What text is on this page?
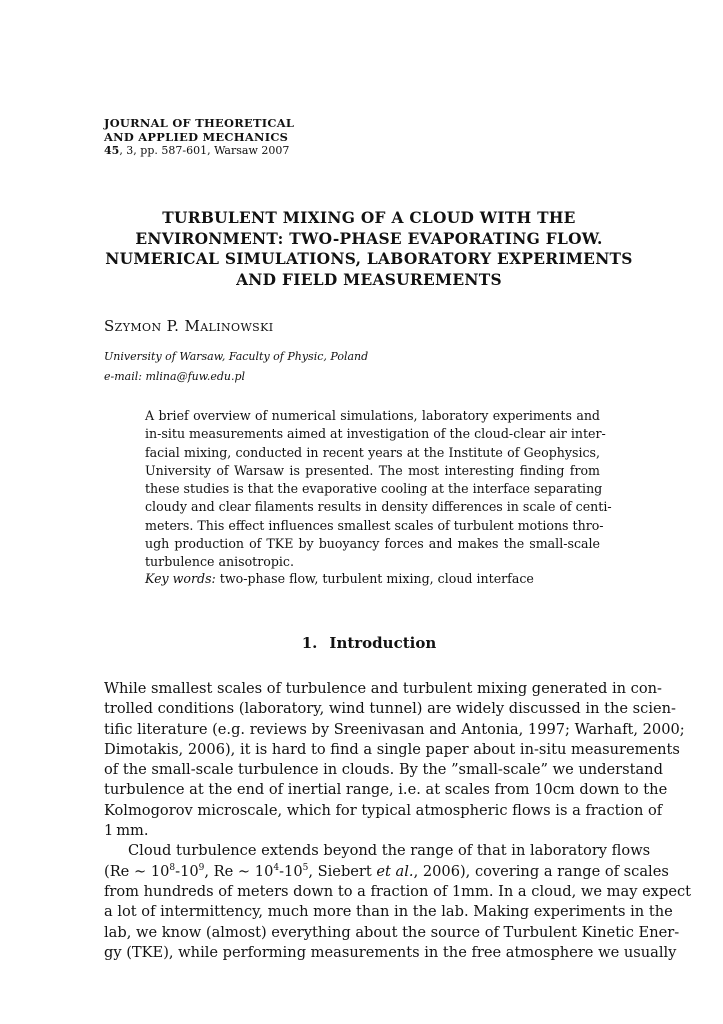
JOURNAL OF THEORETICAL
AND APPLIED MECHANICS
45, 3, pp. 587-601, Warsaw 2007
TURBULENT MIXING OF A CLOUD WITH THE
ENVIRONMENT: TWO-PHASE EVAPORATING FLOW.
NUMERICAL SIMULATIONS, LABORATORY EXPERIMENTS
AND FIELD MEASUREMENTS
Szymon P. Malinowski
University of Warsaw, Faculty of Physic, Poland
e-mail: mlina@fuw.edu.pl
A brief overview of numerical simulations, laboratory experiments and
in-situ measurements aimed at investigation of the cloud-clear air inter-
facial mixing, conducted in recent years at the Institute of Geophysics,
University of Warsaw is presented. The most interesting finding from
these studies is that the evaporative cooling at the interface separating
cloudy and clear filaments results in density differences in scale of centi-
meters. This effect influences smallest scales of turbulent motions thro-
ugh production of TKE by buoyancy forces and makes the small-scale
turbulence anisotropic.
Key words: two-phase flow, turbulent mixing, cloud interface
1. Introduction
While smallest scales of turbulence and turbulent mixing generated in con-
trolled conditions (laboratory, wind tunnel) are widely discussed in the scien-
tific literature (e.g. reviews by Sreenivasan and Antonia, 1997; Warhaft, 2000;
Dimotakis, 2006), it is hard to find a single paper about in-situ measurements
of the small-scale turbulence in clouds. By the ”small-scale” we understand
turbulence at the end of inertial range, i.e. at scales from 10cm down to the
Kolmogorov microscale, which for typical atmospheric flows is a fraction of
1 mm.
Cloud turbulence extends beyond the range of that in laboratory flows
(Re ∼ $10^8-10^9$, Re ∼ $10^4-10^5$, Siebert et al., 2006), covering a range of scales
from hundreds of meters down to a fraction of 1mm. In a cloud, we may expect
a lot of intermittency, much more than in the lab. Making experiments in the
lab, we know (almost) everything about the source of Turbulent Kinetic Ener-
gy (TKE), while performing measurements in the free atmosphere we usually
